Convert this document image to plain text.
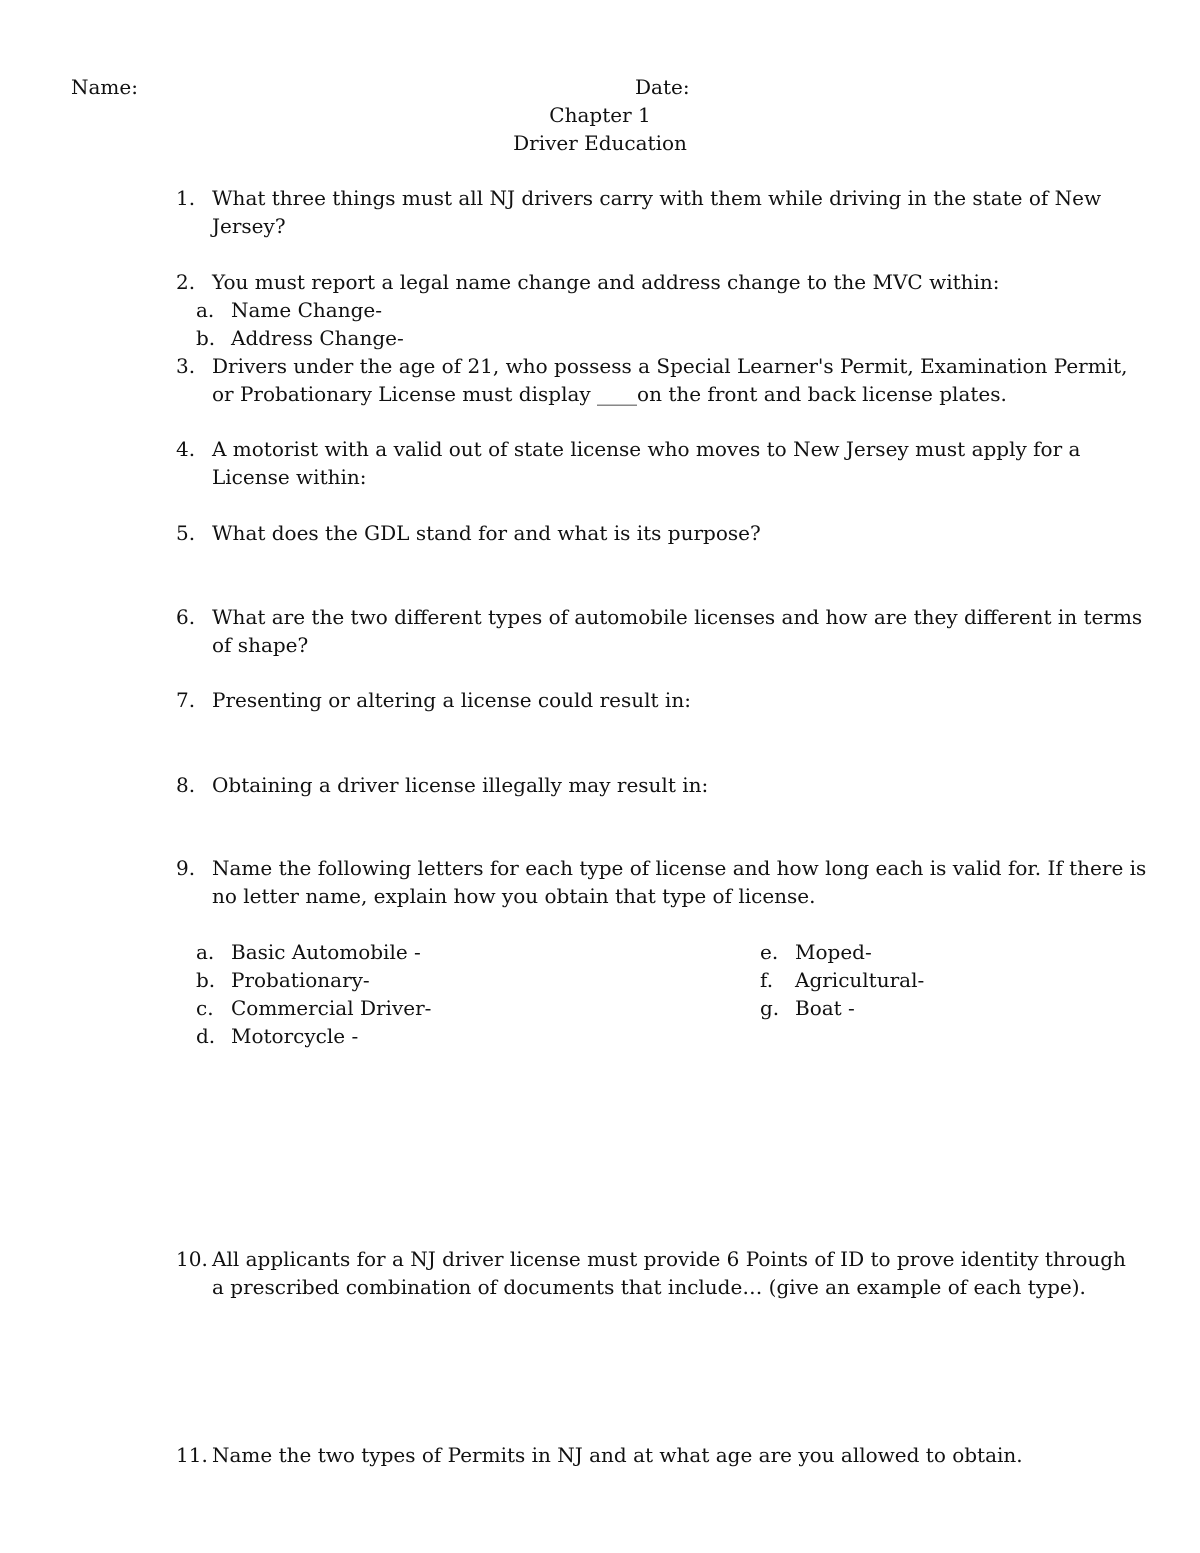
Name:	Date:
Chapter 1
Driver Education
1. What three things must all NJ drivers carry with them while driving in the state of New
Jersey?
2. You must report a legal name change and address change to the MVC within:
a. Name Change-
b. Address Change-
3. Drivers under the age of 21, who possess a Special Learner's Permit, Examination Permit,
or Probationary License must display ____on the front and back license plates.
4. A motorist with a valid out of state license who moves to New Jersey must apply for a
License within:
5. What does the GDL stand for and what is its purpose?
6. What are the two different types of automobile licenses and how are they different in terms
of shape?
7. Presenting or altering a license could result in:
8. Obtaining a driver license illegally may result in:
9. Name the following letters for each type of license and how long each is valid for. If there is
no letter name, explain how you obtain that type of license.
a. Basic Automobile -
b. Probationary-
c. Commercial Driver-
d. Motorcycle -
e. Moped-
f. Agricultural-
g. Boat -
10. All applicants for a NJ driver license must provide 6 Points of ID to prove identity through
a prescribed combination of documents that include… (give an example of each type).
11. Name the two types of Permits in NJ and at what age are you allowed to obtain.
